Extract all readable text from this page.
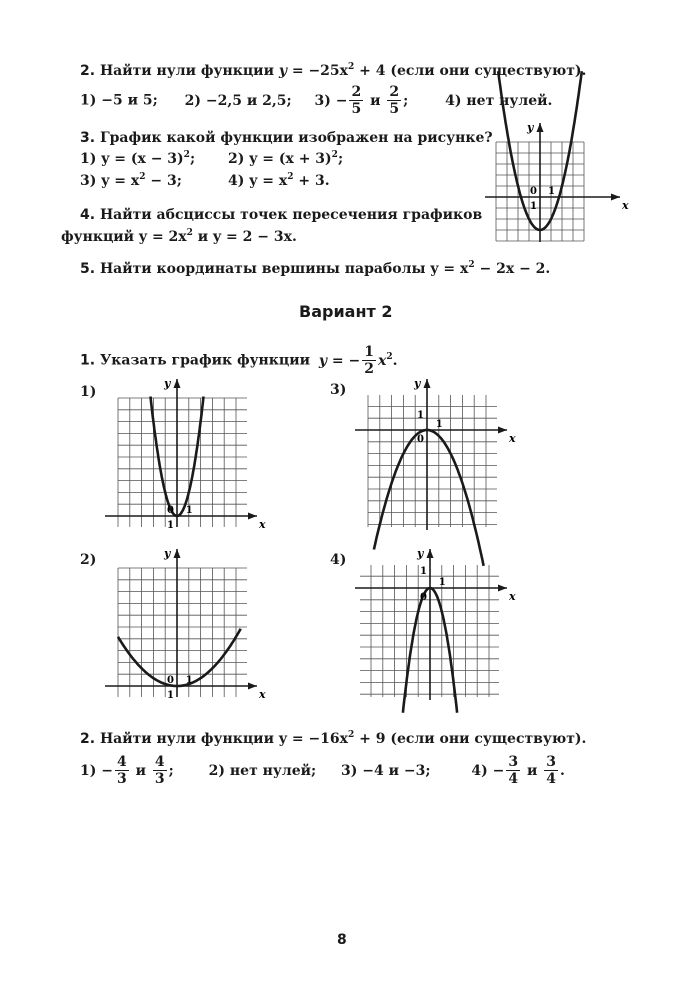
2. Найти нули функции $y = -25x^2 + 4$ (если они существуют).
1) −5 и 5; 2) −2,5 и 2,5; $3) - \frac{2}{5}$ и $\frac{2}{5}$ ;	4) нет нулей.
3. График какой функции изображен на рисунке?
1) $y = (x - 3)^2$; 2) $y = (x + 3)^2$;
3) $y = x^2 - 3$;	4) $y = x^2 + 3$.
4. Найти абсциссы точек пересечения графиков
функций $y = 2x^2$ и y = 2 − 3x.
5. Найти координаты вершины параболы $y = x^2 - 2x - 2$.
x
y
0 1
1
Вариант 2
1. Указать график функции y = − $\frac{1}{2} x^2$.
1)	3)
2)	4)
x
y
0 1
1
x
y
0
1
1
x
y
0 1
1
x
y
0
1
1
2. Найти нули функции $y = -16x^2 + 9$ (если они существуют).
$1) - \frac{4}{3}$ и $\frac{4}{3}$ ; 2) нет нулей; 3) −4 и −3;	$4) - \frac{3}{4}$ и $\frac{3}{4}$ .
8
